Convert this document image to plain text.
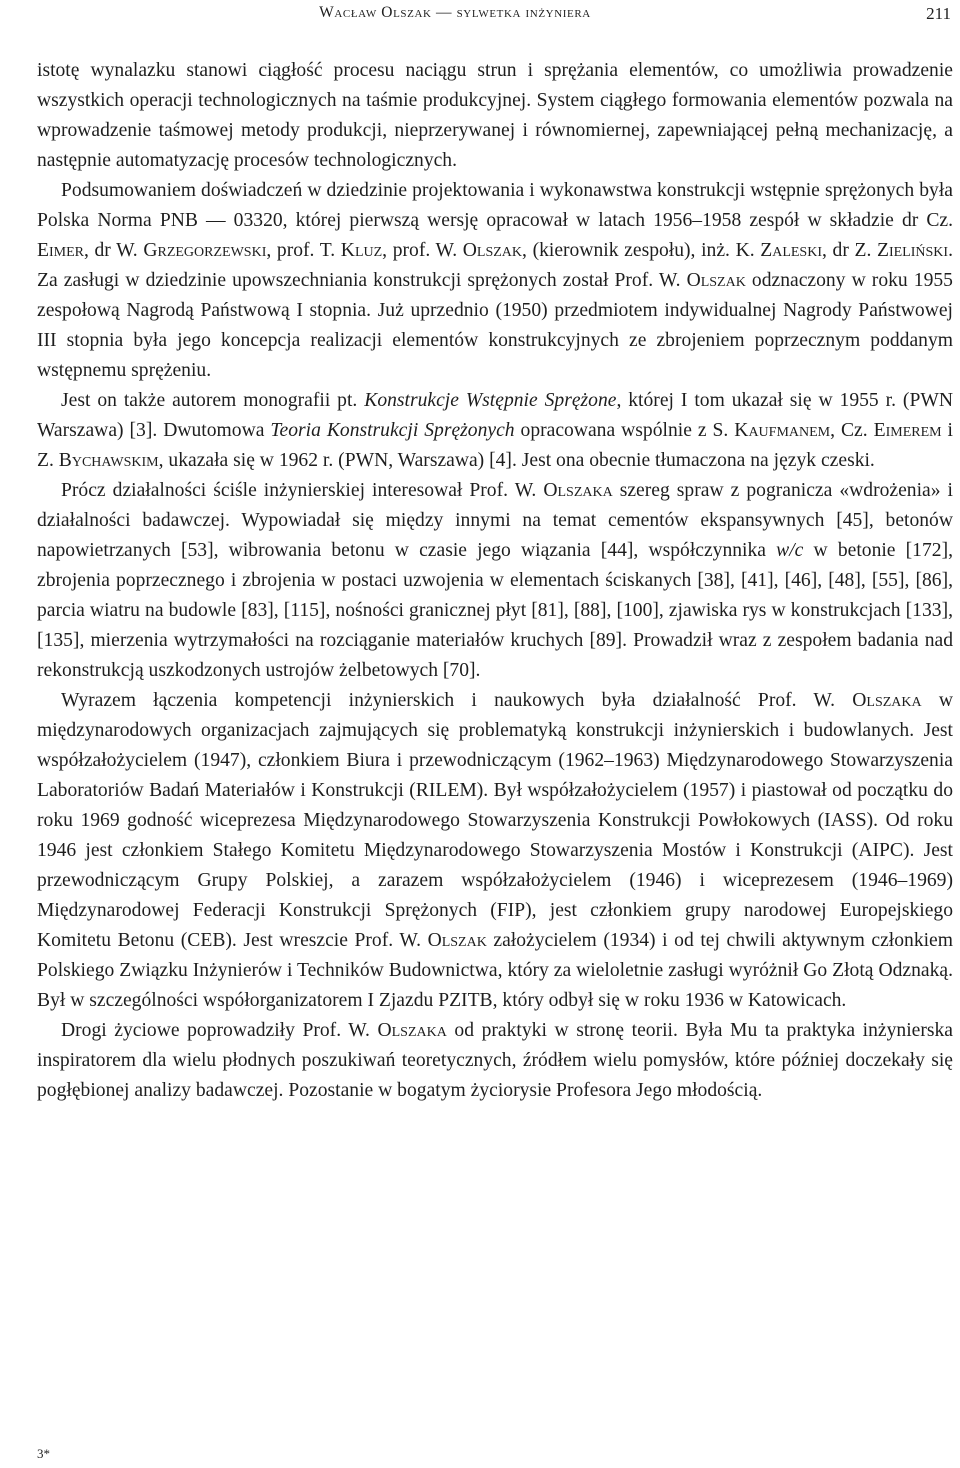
Wacław Olszak — sylwetka inżyniera	211

istotę wynalazku stanowi ciągłość procesu naciągu strun i sprężania elementów, co umożliwia prowadzenie wszystkich operacji technologicznych na taśmie produkcyjnej. System ciągłego formowania elementów pozwala na wprowadzenie taśmowej metody produkcji, nieprzerywanej i równomiernej, zapewniającej pełną mechanizację, a następnie automatyzację procesów technologicznych.

Podsumowaniem doświadczeń w dziedzinie projektowania i wykonawstwa konstrukcji wstępnie sprężonych była Polska Norma PNB — 03320, której pierwszą wersję opracował w latach 1956–1958 zespół w składzie dr Cz. Eimer, dr W. Grzegorzewski, prof. T. Kluz, prof. W. Olszak, (kierownik zespołu), inż. K. Zaleski, dr Z. Zieliński. Za zasługi w dziedzinie upowszechniania konstrukcji sprężonych został Prof. W. Olszak odznaczony w roku 1955 zespołową Nagrodą Państwową I stopnia. Już uprzednio (1950) przedmiotem indywidualnej Nagrody Państwowej III stopnia była jego koncepcja realizacji elementów konstrukcyjnych ze zbrojeniem poprzecznym poddanym wstępnemu sprężeniu.

Jest on także autorem monografii pt. Konstrukcje Wstępnie Sprężone, której I tom ukazał się w 1955 r. (PWN Warszawa) [3]. Dwutomowa Teoria Konstrukcji Sprężonych opracowana wspólnie z S. Kaufmanem, Cz. Eimerem i Z. Bychawskim, ukazała się w 1962 r. (PWN, Warszawa) [4]. Jest ona obecnie tłumaczona na język czeski.

Prócz działalności ściśle inżynierskiej interesował Prof. W. Olszaka szereg spraw z pogranicza «wdrożenia» i działalności badawczej. Wypowiadał się między innymi na temat cementów ekspansywnych [45], betonów napowietrzanych [53], wibrowania betonu w czasie jego wiązania [44], współczynnika w/c w betonie [172], zbrojenia poprzecznego i zbrojenia w postaci uzwojenia w elementach ściskanych [38], [41], [46], [48], [55], [86], parcia wiatru na budowle [83], [115], nośności granicznej płyt [81], [88], [100], zjawiska rys w konstrukcjach [133], [135], mierzenia wytrzymałości na rozciąganie materiałów kruchych [89]. Prowadził wraz z zespołem badania nad rekonstrukcją uszkodzonych ustrojów żelbetowych [70].

Wyrazem łączenia kompetencji inżynierskich i naukowych była działalność Prof. W. Olszaka w międzynarodowych organizacjach zajmujących się problematyką konstrukcji inżynierskich i budowlanych. Jest współzałożycielem (1947), członkiem Biura i przewodniczącym (1962–1963) Międzynarodowego Stowarzyszenia Laboratoriów Badań Materiałów i Konstrukcji (RILEM). Był współzałożycielem (1957) i piastował od początku do roku 1969 godność wiceprezesa Międzynarodowego Stowarzyszenia Konstrukcji Powłokowych (IASS). Od roku 1946 jest członkiem Stałego Komitetu Międzynarodowego Stowarzyszenia Mostów i Konstrukcji (AIPC). Jest przewodniczącym Grupy Polskiej, a zarazem współzałożycielem (1946) i wiceprezesem (1946–1969) Międzynarodowej Federacji Konstrukcji Sprężonych (FIP), jest członkiem grupy narodowej Europejskiego Komitetu Betonu (CEB). Jest wreszcie Prof. W. Olszak założycielem (1934) i od tej chwili aktywnym członkiem Polskiego Związku Inżynierów i Techników Budownictwa, który za wieloletnie zasługi wyróżnił Go Złotą Odznaką. Był w szczególności współorganizatorem I Zjazdu PZITB, który odbył się w roku 1936 w Katowicach.

Drogi życiowe poprowadziły Prof. W. Olszaka od praktyki w stronę teorii. Była Mu ta praktyka inżynierska inspiratorem dla wielu płodnych poszukiwań teoretycznych, źródłem wielu pomysłów, które później doczekały się pogłębionej analizy badawczej. Pozostanie w bogatym życiorysie Profesora Jego młodością.

3*
